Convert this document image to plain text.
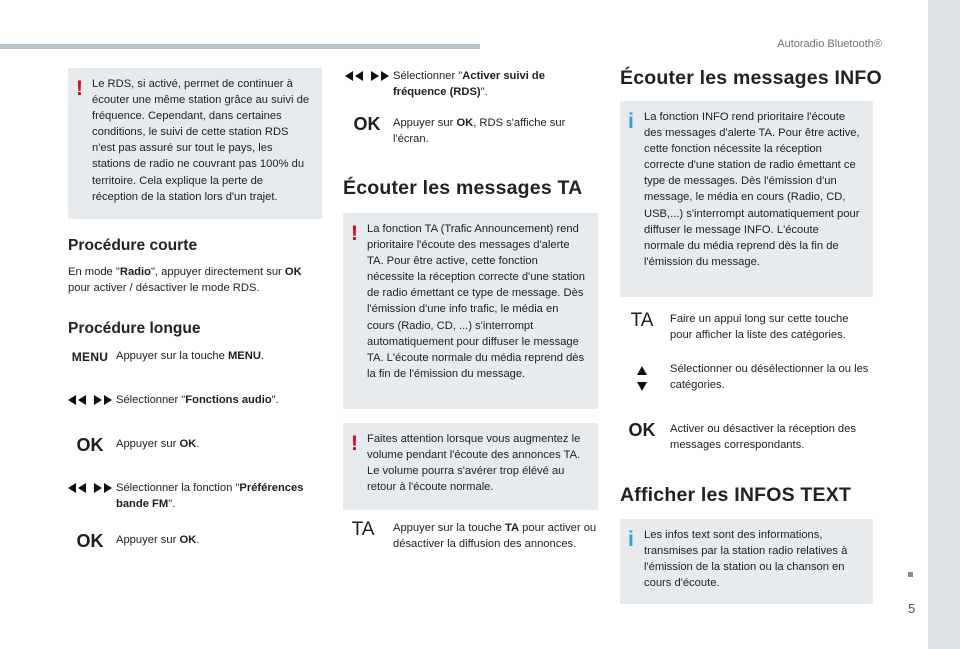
Autoradio Bluetooth®
5
! Le RDS, si activé, permet de continuer à écouter une même station grâce au suivi de fréquence. Cependant, dans certaines conditions, le suivi de cette station RDS n'est pas assuré sur tout le pays, les stations de radio ne couvrant pas 100% du territoire. Cela explique la perte de réception de la station lors d'un trajet.
Procédure courte
En mode "Radio", appuyer directement sur OK pour activer / désactiver le mode RDS.
Procédure longue
MENU Appuyer sur la touche MENU.

Sélectionner "Fonctions audio".
OK Appuyer sur OK.

Sélectionner la fonction "Préférences bande FM".
OK Appuyer sur OK.

Sélectionner "Activer suivi de fréquence (RDS)".
OK Appuyer sur OK, RDS s'affiche sur l'écran.
Écouter les messages TA
! La fonction TA (Trafic Announcement) rend prioritaire l'écoute des messages d'alerte TA. Pour être active, cette fonction nécessite la réception correcte d'une station de radio émettant ce type de message. Dès l'émission d'une info trafic, le média en cours (Radio, CD, ...) s'interrompt automatiquement pour diffuser le message TA. L'écoute normale du média reprend dès la fin de l'émission du message.
! Faites attention lorsque vous augmentez le volume pendant l'écoute des annonces TA. Le volume pourra s'avérer trop élévé au retour à l'écoute normale.
TA Appuyer sur la touche TA pour activer ou désactiver la diffusion des annonces.
Écouter les messages INFO
i La fonction INFO rend prioritaire l'écoute des messages d'alerte TA. Pour être active, cette fonction nécessite la réception correcte d'une station de radio émettant ce type de messages. Dès l'émission d'un message, le média en cours (Radio, CD, USB,...) s'interrompt automatiquement pour diffuser le message INFO. L'écoute normale du média reprend dès la fin de l'émission du message.
TA Faire un appui long sur cette touche pour afficher la liste des catégories.
Sélectionner ou désélectionner la ou les catégories.
OK Activer ou désactiver la réception des messages correspondants.
Afficher les INFOS TEXT
i Les infos text sont des informations, transmises par la station radio relatives à l'émission de la station ou la chanson en cours d'écoute.
